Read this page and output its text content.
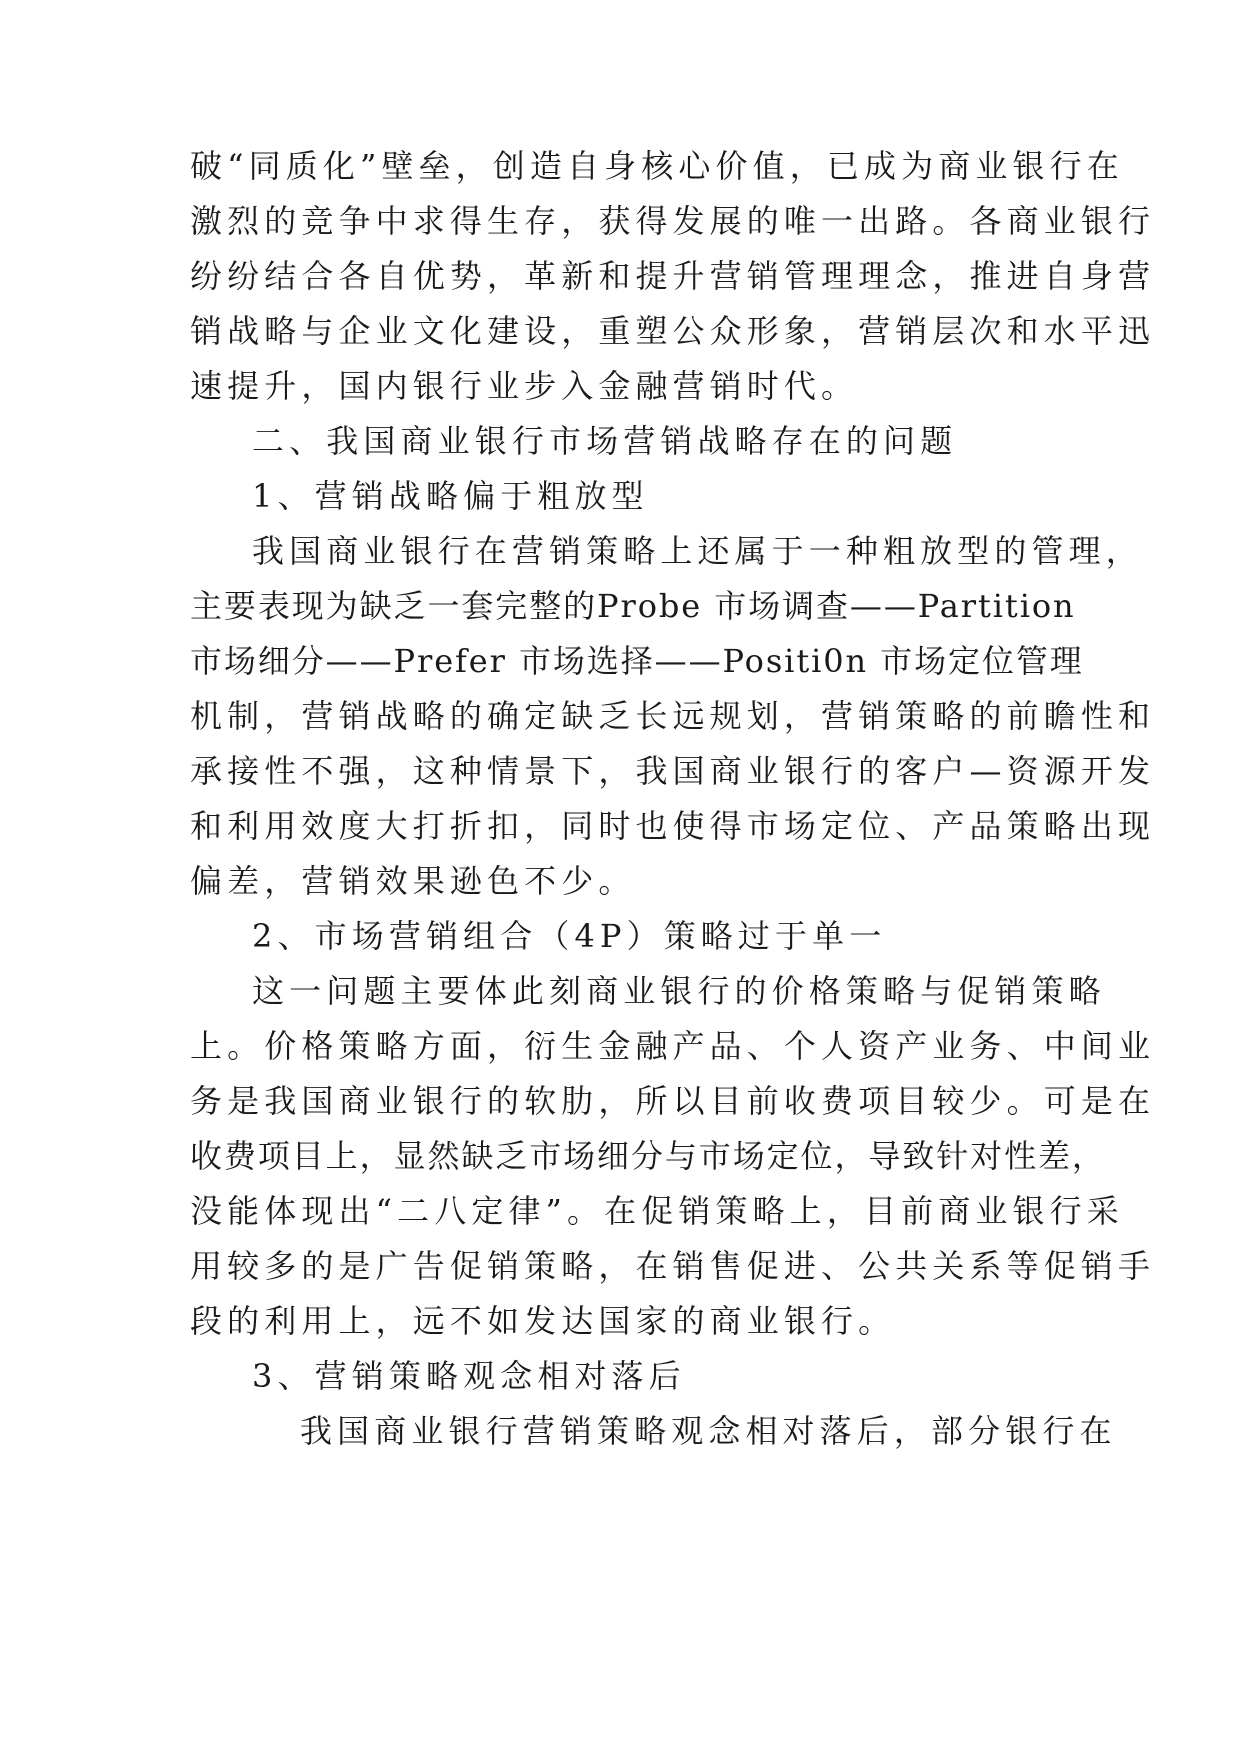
破“同质化”壁垒，创造自身核心价值，已成为商业银行在
激烈的竞争中求得生存，获得发展的唯一出路。各商业银行
纷纷结合各自优势，革新和提升营销管理理念，推进自身营
销战略与企业文化建设，重塑公众形象，营销层次和水平迅
速提升，国内银行业步入金融营销时代。
二、我国商业银行市场营销战略存在的问题
1、营销战略偏于粗放型
我国商业银行在营销策略上还属于一种粗放型的管理，
主要表现为缺乏一套完整的Probe 市场调查——Partition
市场细分——Prefer 市场选择——Positi0n 市场定位管理
机制，营销战略的确定缺乏长远规划，营销策略的前瞻性和
承接性不强，这种情景下，我国商业银行的客户—资源开发
和利用效度大打折扣，同时也使得市场定位、产品策略出现
偏差，营销效果逊色不少。
2、市场营销组合（4P）策略过于单一
这一问题主要体此刻商业银行的价格策略与促销策略
上。价格策略方面，衍生金融产品、个人资产业务、中间业
务是我国商业银行的软肋，所以目前收费项目较少。可是在
收费项目上，显然缺乏市场细分与市场定位，导致针对性差，
没能体现出“二八定律”。在促销策略上，目前商业银行采
用较多的是广告促销策略，在销售促进、公共关系等促销手
段的利用上，远不如发达国家的商业银行。
3、营销策略观念相对落后
我国商业银行营销策略观念相对落后，部分银行在
